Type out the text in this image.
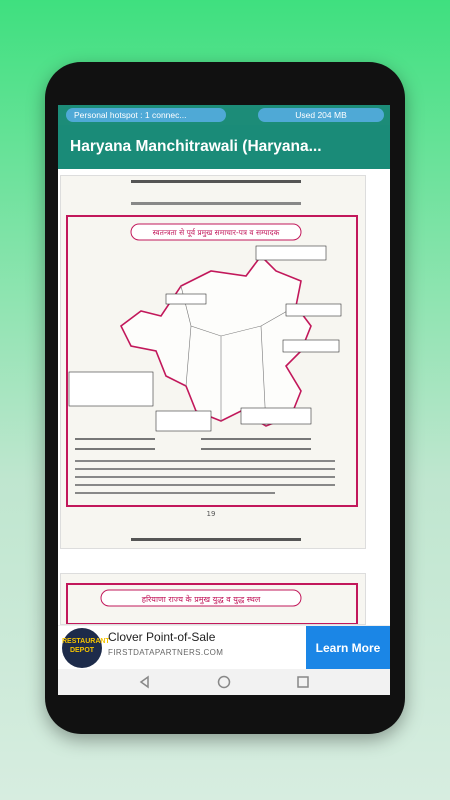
Personal hotspot : 1 connec...	Used 204 MB
Haryana Manchitrawali (Haryana...
स्वतन्त्रता से पूर्व प्रमुख समाचार-पत्र व सम्पादक
19
हरियाणा राज्य के प्रमुख युद्ध व युद्ध स्थल
RESTAURANT DEPOT
Clover Point-of-Sale
FIRSTDATAPARTNERS.COM	Learn More
